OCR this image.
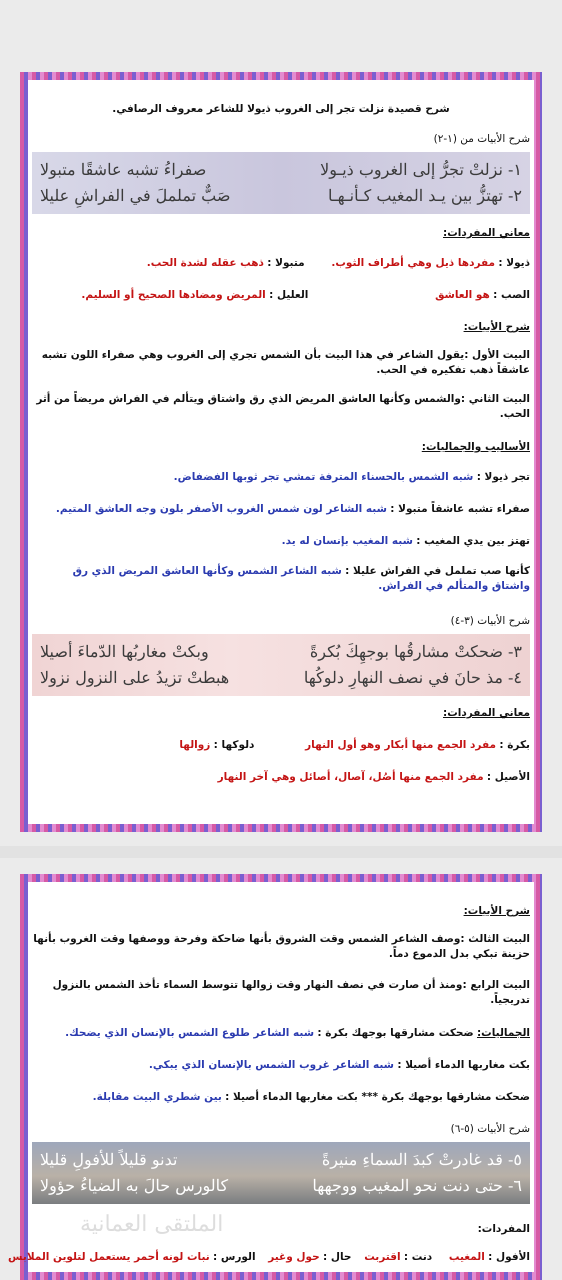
شرح قصيدة نزلت تجر إلى الغروب ذيولا للشاعر معروف الرصافي.
شرح الأبيات من (١-٢)
١- نزلتْ تجرُّ إلى الغروب ذيـولا
صفراءُ تشبه عاشقًا متبولا
٢- تهتزُّ بين يـد المغيب كـأنـهـا
صَبٌّ تململَ في الفراشِ عليلا
معاني المفردات:
ذيولا : مفردها ذيل وهي أطراف الثوب.  متبولا : ذهب عقله لشدة الحب.
الصب : هو العاشق  العليل : المريض ومضادها الصحيح أو السليم.
شرح الأبيات:
البيت الأول :يقول الشاعر في هذا البيت بأن الشمس تجري إلى الغروب وهي صفراء اللون تشبه عاشقاً ذهب تفكيره في الحب.
البيت الثاني :والشمس وكأنها العاشق المريض الذي رق واشتاق ويتألم في الفراش مريضاً من أثر الحب.
الأساليب والجماليات:
تجر ذيولا : شبه الشمس بالحسناء المترفة تمشي تجر ثوبها الفضفاض.
صفراء تشبه عاشقاً متبولا : شبه الشاعر لون شمس الغروب الأصفر بلون وجه العاشق المتيم.
تهتز بين يدي المغيب : شبه المغيب بإنسان له يد.
كأنها صب تململ في الفراش عليلا : شبه الشاعر الشمس وكأنها العاشق المريض الذي رق واشتاق والمتألم في الفراش.
شرح الأبيات (٣-٤)
٣- ضحكتْ مشارقُها بوجهِكَ بُكرةً
وبكتْ مغاربُها الدّماءَ أصيلا
٤- مذ حانَ في نصف النهارِ دلوكُها
هبطتْ تزيدُ على النزول نزولا
معاني المفردات:
بكرة : مفرد الجمع منها أبكار وهو أول النهار  دلوكها : زوالها
الأصيل : مفرد الجمع منها أصُل، آصال، أصائل وهي آخر النهار
شرح الأبيات:
البيت الثالث :وصف الشاعر الشمس وقت الشروق بأنها ضاحكة وفرحة ووصفها وقت الغروب بأنها حزينة تبكي بدل الدموع دماً.
البيت الرابع :ومنذ أن صارت في نصف النهار وقت زوالها تتوسط السماء تأخذ الشمس بالنزول تدريجياً.
الجماليات: ضحكت مشارقها بوجهك بكرة : شبه الشاعر طلوع الشمس بالإنسان الذي يضحك.
بكت مغاربها الدماء أصيلا : شبه الشاعر غروب الشمس بالإنسان الذي يبكي.
ضحكت مشارقها بوجهك بكرة *** بكت مغاربها الدماء أصيلا : بين شطري البيت مقابلة.
شرح الأبيات (٥-٦)
٥- قد غادرتْ كبدَ السماءِ منيرةً
تدنو قليلاً للأفولِ قليلا
٦- حتى دنت نحو المغيب ووجهها
كالورس حالَ به الضياءُ حؤولا
المفردات:
الأفول : المغيب  دنت : اقتربت  حال : حول وغير  الورس : نبات لونه أحمر يستعمل لتلوين الملابس
الملتقى العمانية
